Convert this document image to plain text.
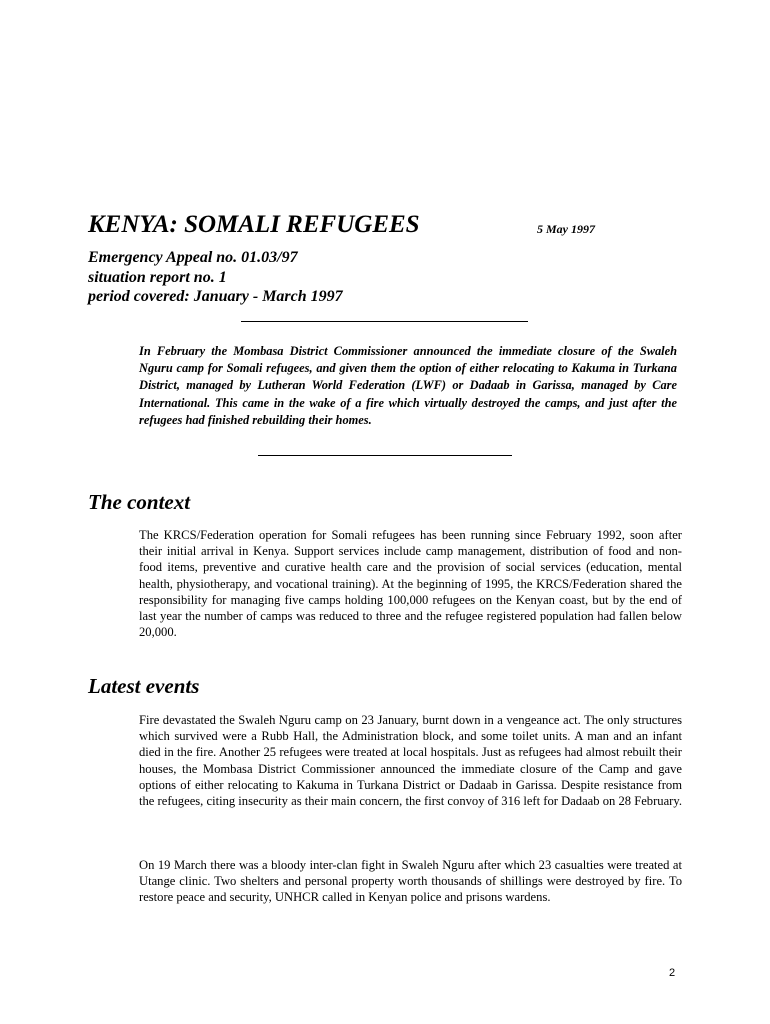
KENYA: SOMALI REFUGEES	5 May 1997
Emergency Appeal no. 01.03/97
situation report no. 1
period covered: January - March 1997

In February the Mombasa District Commissioner announced the immediate closure of the Swaleh Nguru camp for Somali refugees, and given them the option of either relocating to Kakuma in Turkana District, managed by Lutheran World Federation (LWF) or Dadaab in Garissa, managed by Care International. This came in the wake of a fire which virtually destroyed the camps, and just after the refugees had finished rebuilding their homes.

The context

The KRCS/Federation operation for Somali refugees has been running since February 1992, soon after their initial arrival in Kenya. Support services include camp management, distribution of food and non-food items, preventive and curative health care and the provision of social services (education, mental health, physiotherapy, and vocational training). At the beginning of 1995, the KRCS/Federation shared the responsibility for managing five camps holding 100,000 refugees on the Kenyan coast, but by the end of last year the number of camps was reduced to three and the refugee registered population had fallen below 20,000.

Latest events

Fire devastated the Swaleh Nguru camp on 23 January, burnt down in a vengeance act. The only structures which survived were a Rubb Hall, the Administration block, and some toilet units. A man and an infant died in the fire. Another 25 refugees were treated at local hospitals. Just as refugees had almost rebuilt their houses, the Mombasa District Commissioner announced the immediate closure of the Camp and gave options of either relocating to Kakuma in Turkana District or Dadaab in Garissa. Despite resistance from the refugees, citing insecurity as their main concern, the first convoy of 316 left for Dadaab on 28 February.

On 19 March there was a bloody inter-clan fight in Swaleh Nguru after which 23 casualties were treated at Utange clinic. Two shelters and personal property worth thousands of shillings were destroyed by fire. To restore peace and security, UNHCR called in Kenyan police and prisons wardens.

2
